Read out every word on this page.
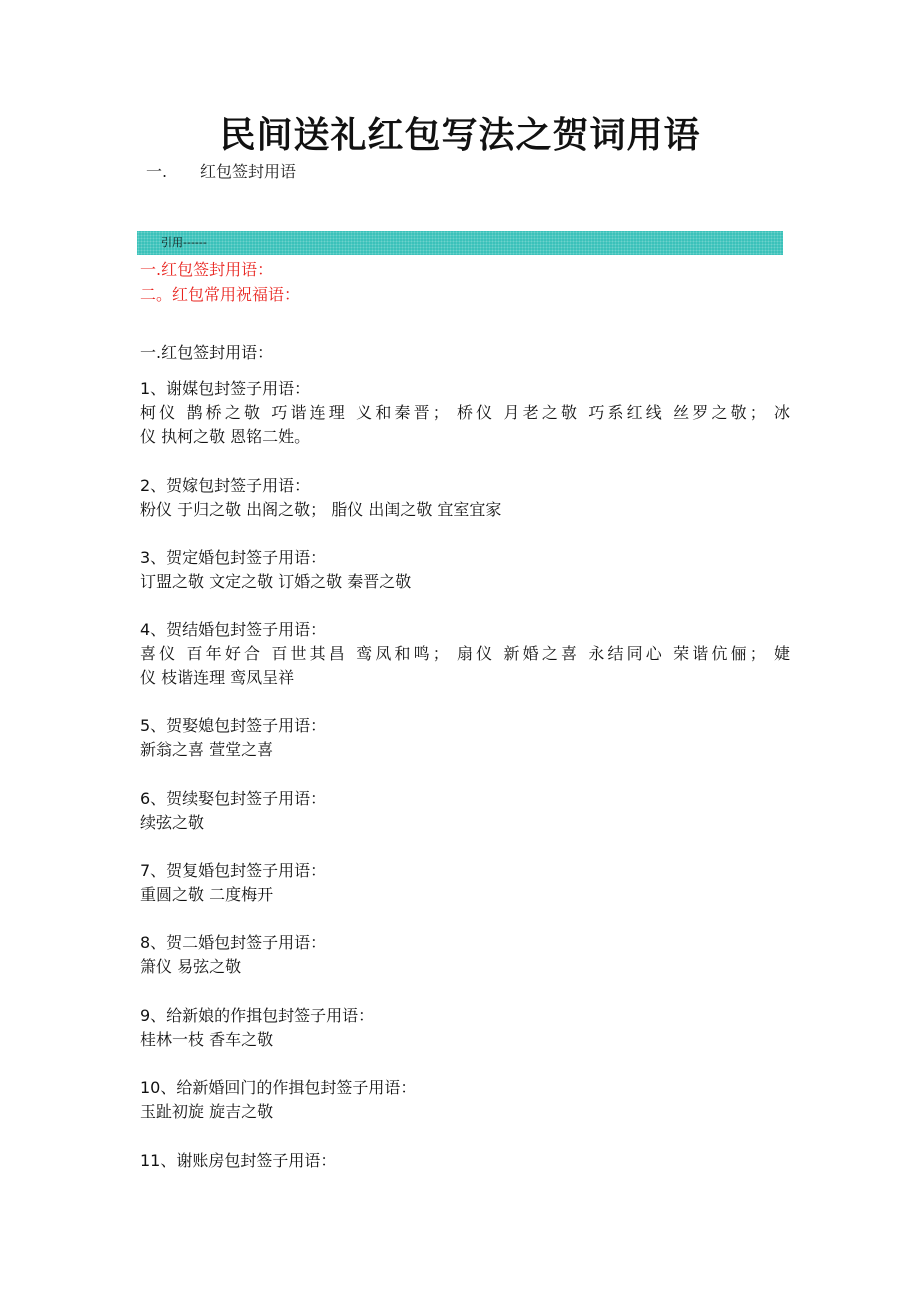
民间送礼红包写法之贺词用语
一. 红包签封用语
引用------
一.红包签封用语：
二。红包常用祝福语：
一.红包签封用语：
1、谢媒包封签子用语：
柯仪 鹊桥之敬 巧谐连理 义和秦晋； 桥仪 月老之敬 巧系红线 丝罗之敬； 冰
仪 执柯之敬 恩铭二姓。
2、贺嫁包封签子用语：
粉仪 于归之敬 出阁之敬； 脂仪 出闺之敬 宜室宜家
3、贺定婚包封签子用语：
订盟之敬 文定之敬 订婚之敬 秦晋之敬
4、贺结婚包封签子用语：
喜仪 百年好合 百世其昌 鸾凤和鸣； 扇仪 新婚之喜 永结同心 荣谐伉俪； 婕
仪 枝谐连理 鸾凤呈祥
5、贺娶媳包封签子用语：
新翁之喜 萱堂之喜
6、贺续娶包封签子用语：
续弦之敬
7、贺复婚包封签子用语：
重圆之敬 二度梅开
8、贺二婚包封签子用语：
箫仪 易弦之敬
9、给新娘的作揖包封签子用语：
桂林一枝 香车之敬
10、给新婚回门的作揖包封签子用语：
玉趾初旋 旋吉之敬
11、谢账房包封签子用语：
